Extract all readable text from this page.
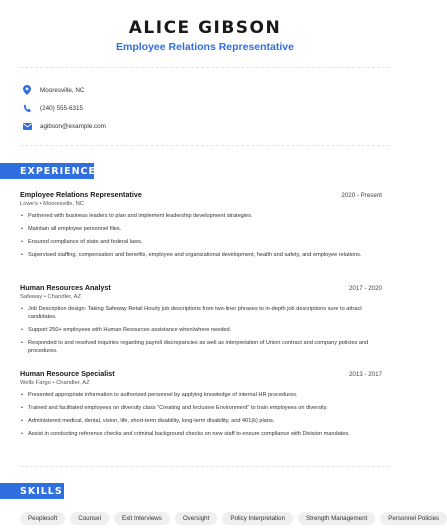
ALICE GIBSON
Employee Relations Representative
Mooresville, NC
(240) 555-6315
agibson@example.com
EXPERIENCE
Employee Relations Representative	2020 - Present
Lowe's • Mooresville, NC
• Partnered with business leaders to plan and implement leadership development strategies.
• Maintain all employee personnel files.
• Ensured compliance of state and federal laws.
• Supervised staffing, compensation and benefits, employee and organizational development, health and safety, and employee relations.
Human Resources Analyst	2017 - 2020
Safeway • Chandler, AZ
• Job Description design: Taking Safeway Retail Hourly job descriptions from two-liner phrases to in-depth job descriptions sure to attract candidates.
• Support 250+ employees with Human Resources assistance when/where needed.
• Responded to and resolved inquiries regarding payroll discrepancies as well as interpretation of Union contract and company policies and procedures.
Human Resource Specialist	2013 - 2017
Wells Fargo • Chandler, AZ
• Presented appropriate information to authorized personnel by applying knowledge of internal HR procedures.
• Trained and facilitated employees on diversity class "Creating and Inclusive Environment" to train employees on diversity.
• Administered medical, dental, vision, life, short-term disability, long-term disability, and 401(k) plans.
• Assist in conducting reference checks and criminal background checks on new staff to ensure compliance with Division mandates.
SKILLS
Peoplesoft	Counsel	Exit Interviews	Oversight	Policy Interpretation	Strength Management	Personnel Policies
